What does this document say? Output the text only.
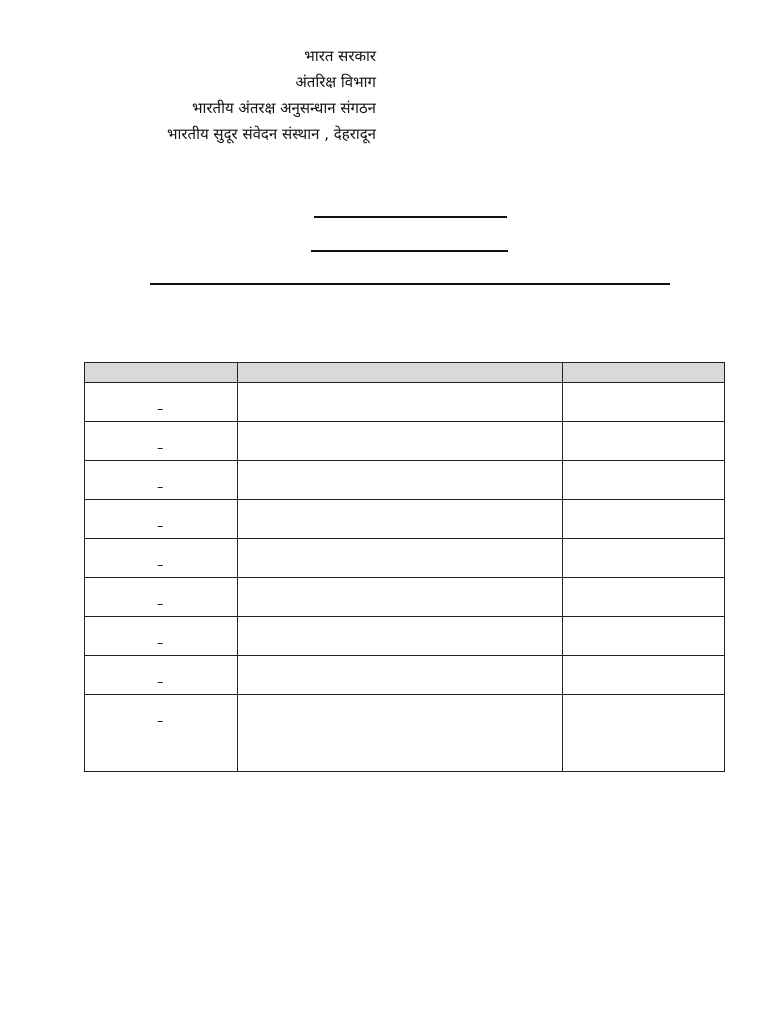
भारत सरकार
अंतरिक्ष विभाग
भारतीय अंतरक्ष अनुसन्धान संगठन
भारतीय सुदूर संवेदन संस्थान , देहरादून

–		

–		

–		

–		

–		

–		

–		

–		

–		
